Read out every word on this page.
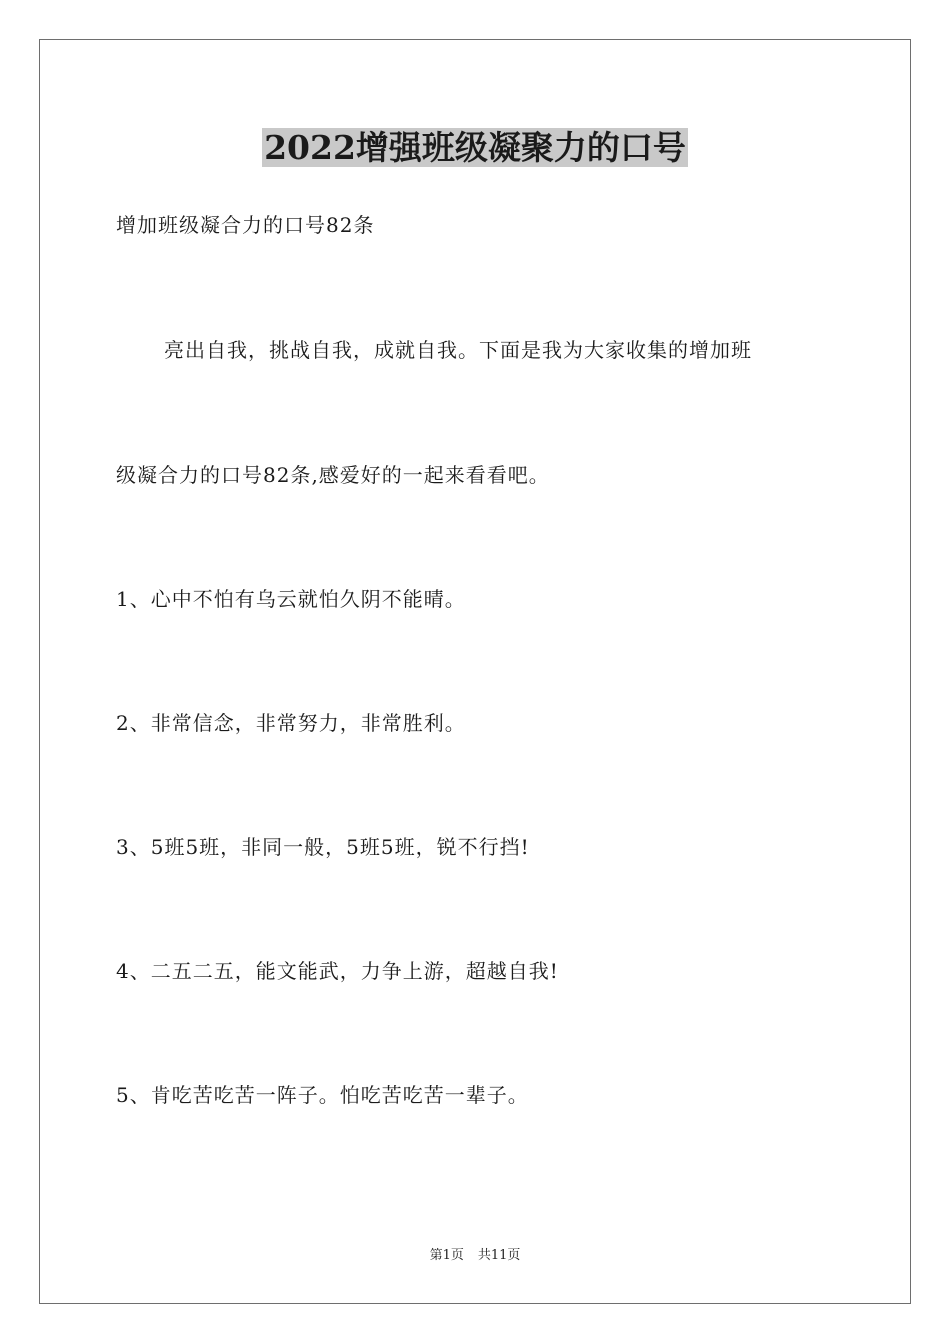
2022增强班级凝聚力的口号

增加班级凝合力的口号82条

亮出自我，挑战自我，成就自我。下面是我为大家收集的增加班

级凝合力的口号82条,感爱好的一起来看看吧。

1、心中不怕有乌云就怕久阴不能晴。

2、非常信念，非常努力，非常胜利。

3、5班5班，非同一般，5班5班，锐不行挡!

4、二五二五，能文能武，力争上游，超越自我!

5、肯吃苦吃苦一阵子。怕吃苦吃苦一辈子。

第1页 共11页
